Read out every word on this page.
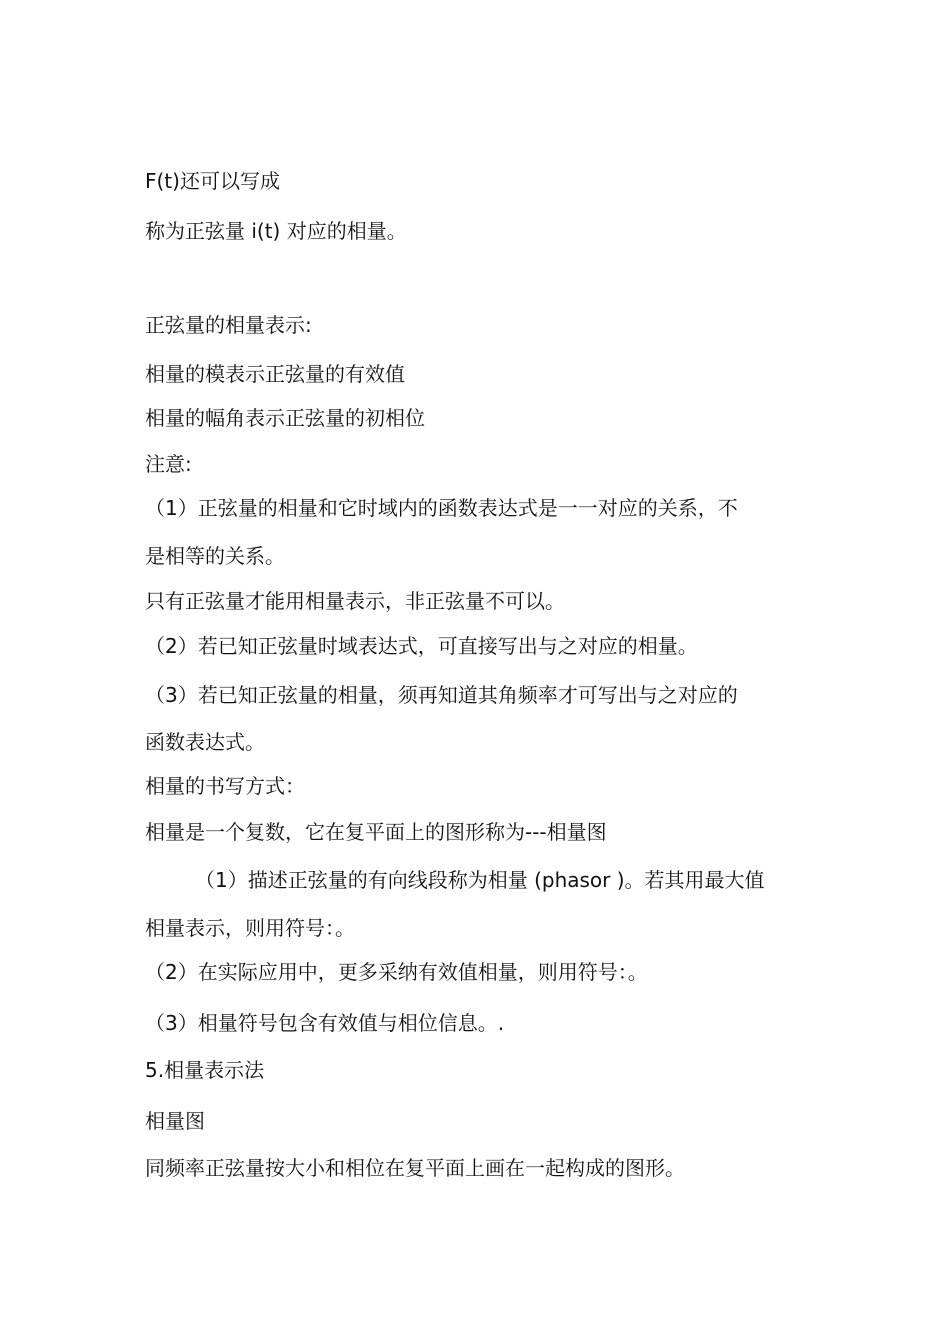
F(t)还可以写成
称为正弦量 i(t) 对应的相量。
正弦量的相量表示:
相量的模表示正弦量的有效值
相量的幅角表示正弦量的初相位
注意:
（1）正弦量的相量和它时域内的函数表达式是一一对应的关系，不
是相等的关系。
只有正弦量才能用相量表示，非正弦量不可以。
（2）若已知正弦量时域表达式，可直接写出与之对应的相量。
（3）若已知正弦量的相量，须再知道其角频率才可写出与之对应的
函数表达式。
相量的书写方式：
相量是一个复数，它在复平面上的图形称为---相量图
（1）描述正弦量的有向线段称为相量 (phasor )。若其用最大值
相量表示，则用符号：。
（2）在实际应用中，更多采纳有效值相量，则用符号：。
（3）相量符号包含有效值与相位信息。.
5.相量表示法
相量图
同频率正弦量按大小和相位在复平面上画在一起构成的图形。
